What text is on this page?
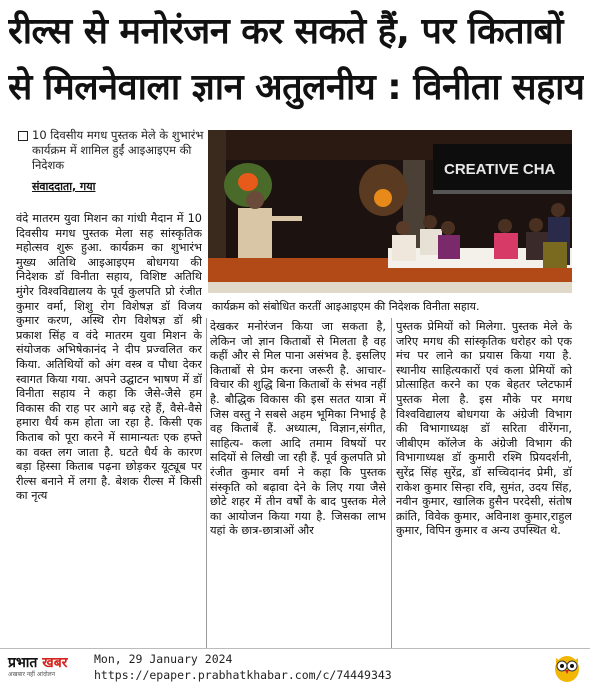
रील्स से मनोरंजन कर सकते हैं, पर किताबों
से मिलनेवाला ज्ञान अतुलनीय : विनीता सहाय
10 दिवसीय मगध पुस्तक मेले के शुभारंभ कार्यक्रम में शामिल हुईं आइआइएम की निदेशक
संवाददाता, गया
CREATIVE CHA
कार्यक्रम को संबोधित करतीं आइआइएम की निदेशक विनीता सहाय.
वंदे मातरम युवा मिशन का गांधी मैदान में 10 दिवसीय मगध पुस्तक मेला सह सांस्कृतिक महोत्सव शुरू हुआ. कार्यक्रम का शुभारंभ मुख्य अतिथि आइआइएम बोधगया की निदेशक डॉ विनीता सहाय, विशिष्ट अतिथि मुंगेर विश्वविद्यालय के पूर्व कुलपति प्रो रंजीत कुमार वर्मा, शिशु रोग विशेषज्ञ डॉ विजय कुमार करण, अस्थि रोग विशेषज्ञ डॉ श्री प्रकाश सिंह व वंदे मातरम युवा मिशन के संयोजक अभिषेकानंद ने दीप प्रज्वलित कर किया. अतिथियों को अंग वस्त्र व पौधा देकर स्वागत किया गया. अपने उद्घाटन भाषण में डॉ विनीता सहाय ने कहा कि जैसे-जैसे हम विकास की राह पर आगे बढ़ रहे हैं, वैसे-वैसे हमारा धैर्य कम होता जा रहा है. किसी एक किताब को पूरा करने में सामान्यतः एक हफ्ते का वक्त लग जाता है. घटते धैर्य के कारण बड़ा हिस्सा किताब पढ़ना छोड़कर यूट्यूब पर रील्स बनाने में लगा है. बेशक रील्स में किसी का नृत्य
देखकर मनोरंजन किया जा सकता है, लेकिन जो ज्ञान किताबों से मिलता है वह कहीं और से मिल पाना असंभव है. इसलिए किताबों से प्रेम करना जरूरी है. आचार-विचार की शुद्धि बिना किताबों के संभव नहीं है. बौद्धिक विकास की इस सतत यात्रा में जिस वस्तु ने सबसे अहम भूमिका निभाई है वह किताबें हैं. अध्यात्म, विज्ञान,संगीत, साहित्य- कला आदि तमाम विषयों पर सदियों से लिखी जा रही हैं. पूर्व कुलपति प्रो रंजीत कुमार वर्मा ने कहा कि पुस्तक संस्कृति को बढ़ावा देने के लिए गया जैसे छोटे शहर में तीन वर्षों के बाद पुस्तक मेले का आयोजन किया गया है. जिसका लाभ यहां के छात्र-छात्राओं और
पुस्तक प्रेमियों को मिलेगा. पुस्तक मेले के जरिए मगध की सांस्कृतिक धरोहर को एक मंच पर लाने का प्रयास किया गया है. स्थानीय साहित्यकारों एवं कला प्रेमियों को प्रोत्साहित करने का एक बेहतर प्लेटफार्म पुस्तक मेला है. इस मौके पर मगध विश्वविद्यालय बोधगया के अंग्रेजी विभाग की विभागाध्यक्ष डॉ सरिता वीरेंगना, जीबीएम कॉलेज के अंग्रेजी विभाग की विभागाध्यक्ष डॉ कुमारी रश्मि प्रियदर्शनी, सुरेंद्र सिंह सुरेंद्र, डॉ सच्चिदानंद प्रेमी, डॉ राकेश कुमार सिन्हा रवि, सुमंत, उदय सिंह, नवीन कुमार, खालिक हुसैन परदेसी, संतोष क्रांति, विवेक कुमार, अविनाश कुमार,राहुल कुमार, विपिन कुमार व अन्य उपस्थित थे.
प्रभात खबर
अखबार नहीं आंदोलन
Mon, 29 January 2024
https://epaper.prabhatkhabar.com/c/74449343
